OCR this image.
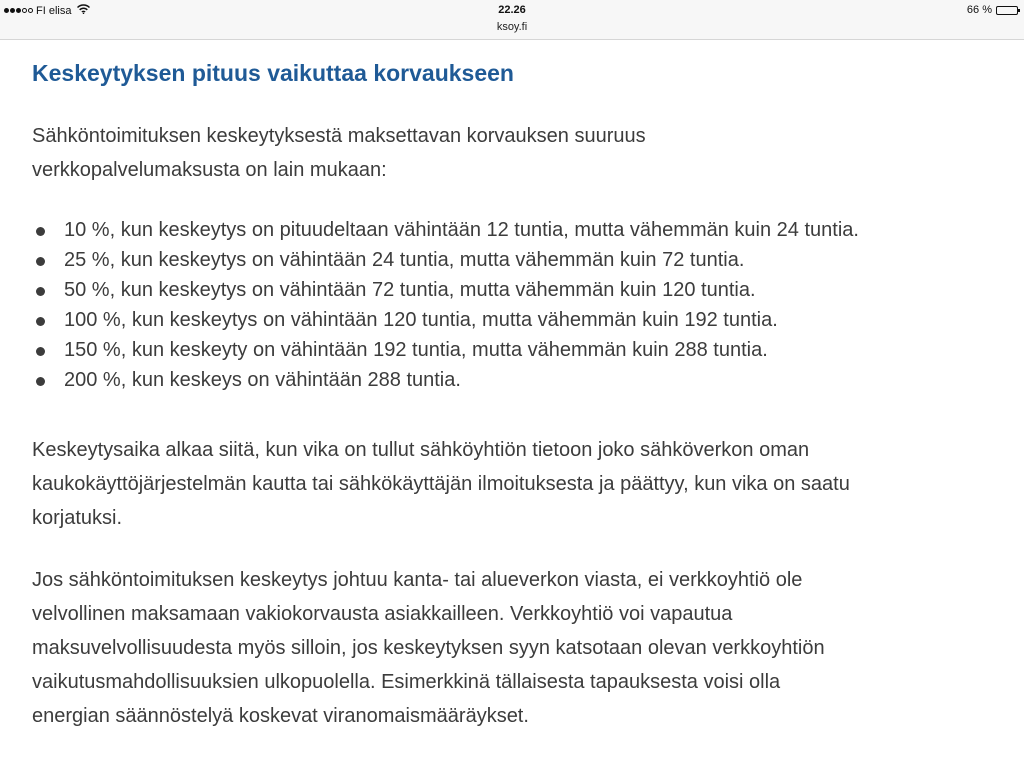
FI elisa	22.26
ksoy.fi
66 %
Keskeytyksen pituus vaikuttaa korvaukseen

Sähköntoimituksen keskeytyksestä maksettavan korvauksen suuruus
verkkopalvelumaksusta on lain mukaan:

10 %, kun keskeytys on pituudeltaan vähintään 12 tuntia, mutta vähemmän kuin 24 tuntia.
25 %, kun keskeytys on vähintään 24 tuntia, mutta vähemmän kuin 72 tuntia.
50 %, kun keskeytys on vähintään 72 tuntia, mutta vähemmän kuin 120 tuntia.
100 %, kun keskeytys on vähintään 120 tuntia, mutta vähemmän kuin 192 tuntia.
150 %, kun keskeyty on vähintään 192 tuntia, mutta vähemmän kuin 288 tuntia.
200 %, kun keskeys on vähintään 288 tuntia.

Keskeytysaika alkaa siitä, kun vika on tullut sähköyhtiön tietoon joko sähköverkon oman
kaukokäyttöjärjestelmän kautta tai sähkökäyttäjän ilmoituksesta ja päättyy, kun vika on saatu
korjatuksi.

Jos sähköntoimituksen keskeytys johtuu kanta- tai alueverkon viasta, ei verkkoyhtiö ole
velvollinen maksamaan vakiokorvausta asiakkailleen. Verkkoyhtiö voi vapautua
maksuvelvollisuudesta myös silloin, jos keskeytyksen syyn katsotaan olevan verkkoyhtiön
vaikutusmahdollisuuksien ulkopuolella. Esimerkkinä tällaisesta tapauksesta voisi olla
energian säännöstelyä koskevat viranomaismääräykset.
